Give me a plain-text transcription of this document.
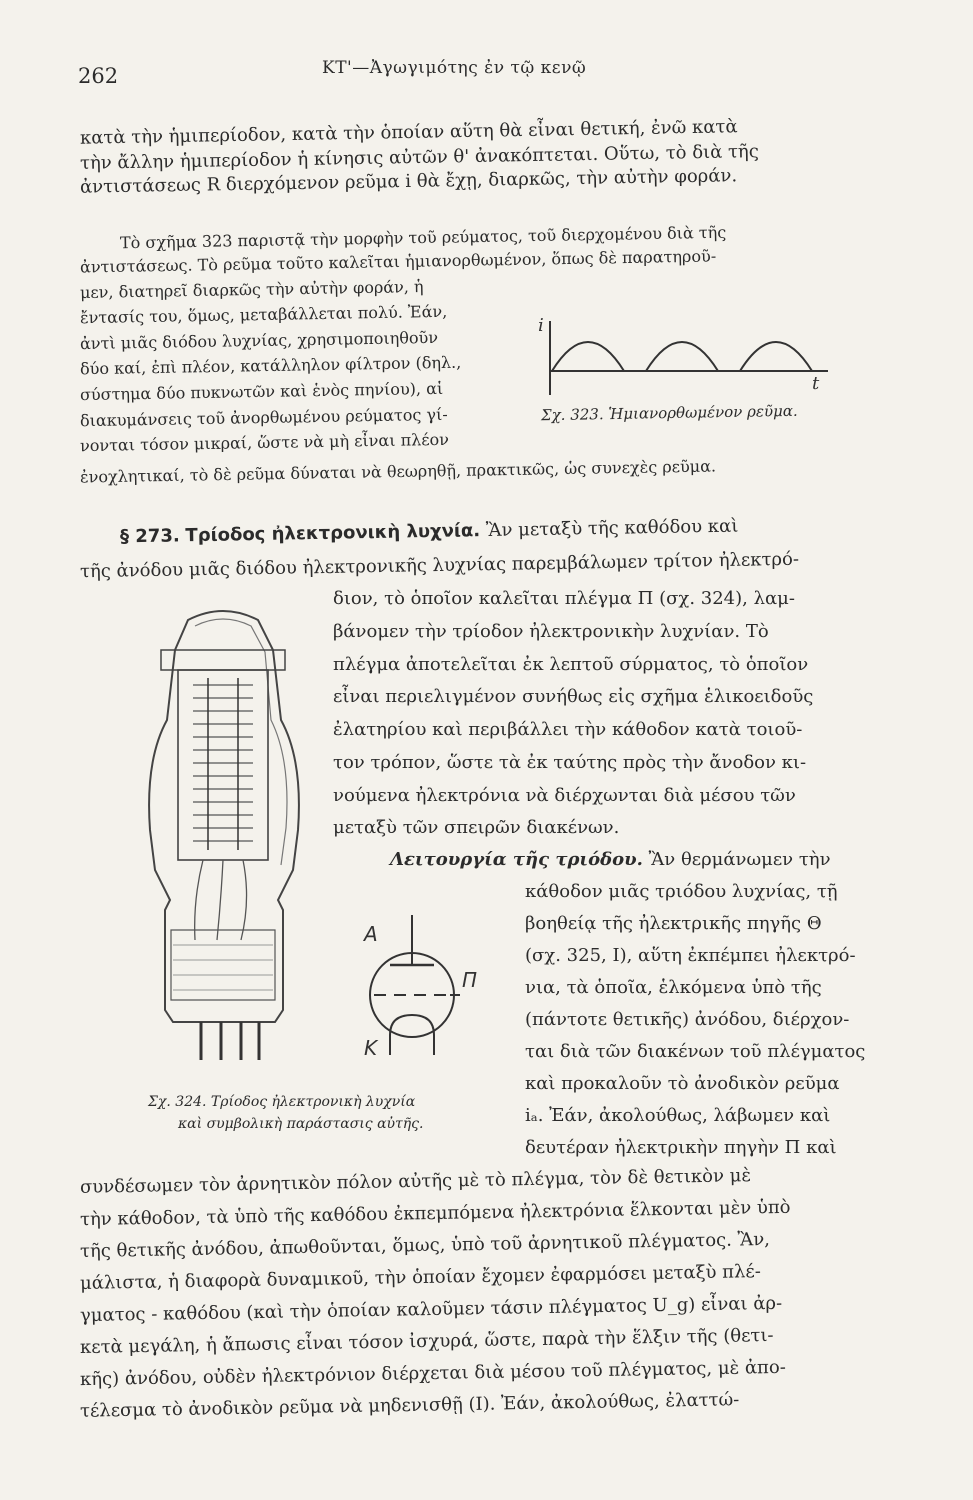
262	ΚΤ'—Ἀγωγιμότης ἐν τῷ κενῷ
κατὰ τὴν ἡμιπερίοδον, κατὰ τὴν ὁποίαν αὕτη θὰ εἶναι θετική, ἐνῶ κατὰ
τὴν ἄλλην ἡμιπερίοδον ἡ κίνησις αὐτῶν θ' ἀνακόπτεται. Οὕτω, τὸ διὰ τῆς
ἀντιστάσεως R διερχόμενον ρεῦμα i θὰ ἔχῃ, διαρκῶς, τὴν αὐτὴν φοράν.
Τὸ σχῆμα 323 παριστᾷ τὴν μορφὴν τοῦ ρεύματος, τοῦ διερχομένου διὰ τῆς
ἀντιστάσεως. Τὸ ρεῦμα τοῦτο καλεῖται ἡμιανορθωμένον, ὅπως δὲ παρατηροῦ-
μεν, διατηρεῖ διαρκῶς τὴν αὐτὴν φοράν, ἡ
ἔντασίς του, ὅμως, μεταβάλλεται πολύ. Ἐάν,
ἀντὶ μιᾶς διόδου λυχνίας, χρησιμοποιηθοῦν
δύο καί, ἐπὶ πλέον, κατάλληλον φίλτρον (δηλ.,
σύστημα δύο πυκνωτῶν καὶ ἑνὸς πηνίου), αἱ
διακυμάνσεις τοῦ ἀνορθωμένου ρεύματος γί-
νονται τόσον μικραί, ὥστε νὰ μὴ εἶναι πλέον
ἐνοχλητικαί, τὸ δὲ ρεῦμα δύναται νὰ θεωρηθῇ, πρακτικῶς, ὡς συνεχὲς ρεῦμα.
i
t
Σχ. 323. Ἡμιανορθωμένον ρεῦμα.
§ 273. Τρίοδος ἠλεκτρονικὴ λυχνία. Ἂν μεταξὺ τῆς καθόδου καὶ
τῆς ἀνόδου μιᾶς διόδου ἠλεκτρονικῆς λυχνίας παρεμβάλωμεν τρίτον ἠλεκτρό-
διον, τὸ ὁποῖον καλεῖται πλέγμα Π (σχ. 324), λαμ-
βάνομεν τὴν τρίοδον ἠλεκτρονικὴν λυχνίαν. Τὸ
πλέγμα ἀποτελεῖται ἐκ λεπτοῦ σύρματος, τὸ ὁποῖον
εἶναι περιελιγμένον συνήθως εἰς σχῆμα ἑλικοειδοῦς
ἐλατηρίου καὶ περιβάλλει τὴν κάθοδον κατὰ τοιοῦ-
τον τρόπον, ὥστε τὰ ἐκ ταύτης πρὸς τὴν ἄνοδον κι-
νούμενα ἠλεκτρόνια νὰ διέρχωνται διὰ μέσου τῶν
μεταξὺ τῶν σπειρῶν διακένων.
Λειτουργία τῆς τριόδου. Ἂν θερμάνωμεν τὴν
κάθοδον μιᾶς τριόδου λυχνίας, τῇ
βοηθείᾳ τῆς ἠλεκτρικῆς πηγῆς Θ
(σχ. 325, Ι), αὕτη ἐκπέμπει ἠλεκτρό-
νια, τὰ ὁποῖα, ἑλκόμενα ὑπὸ τῆς
(πάντοτε θετικῆς) ἀνόδου, διέρχον-
ται διὰ τῶν διακένων τοῦ πλέγματος
καὶ προκαλοῦν τὸ ἀνοδικὸν ρεῦμα
iₐ. Ἐάν, ἀκολούθως, λάβωμεν καὶ
δευτέραν ἠλεκτρικὴν πηγὴν Π καὶ
συνδέσωμεν τὸν ἀρνητικὸν πόλον αὐτῆς μὲ τὸ πλέγμα, τὸν δὲ θετικὸν μὲ
τὴν κάθοδον, τὰ ὑπὸ τῆς καθόδου ἐκπεμπόμενα ἠλεκτρόνια ἕλκονται μὲν ὑπὸ
τῆς θετικῆς ἀνόδου, ἀπωθοῦνται, ὅμως, ὑπὸ τοῦ ἀρνητικοῦ πλέγματος. Ἂν,
μάλιστα, ἡ διαφορὰ δυναμικοῦ, τὴν ὁποίαν ἔχομεν ἐφαρμόσει μεταξὺ πλέ-
γματος - καθόδου (καὶ τὴν ὁποίαν καλοῦμεν τάσιν πλέγματος U_g) εἶναι ἀρ-
κετὰ μεγάλη, ἡ ἄπωσις εἶναι τόσον ἰσχυρά, ὥστε, παρὰ τὴν ἕλξιν τῆς (θετι-
κῆς) ἀνόδου, οὐδὲν ἠλεκτρόνιον διέρχεται διὰ μέσου τοῦ πλέγματος, μὲ ἀπο-
τέλεσμα τὸ ἀνοδικὸν ρεῦμα νὰ μηδενισθῇ (Ι). Ἐάν, ἀκολούθως, ἐλαττώ-
A
Π
K
Σχ. 324. Τρίοδος ἠλεκτρονικὴ λυχνία
καὶ συμβολικὴ παράστασις αὐτῆς.
